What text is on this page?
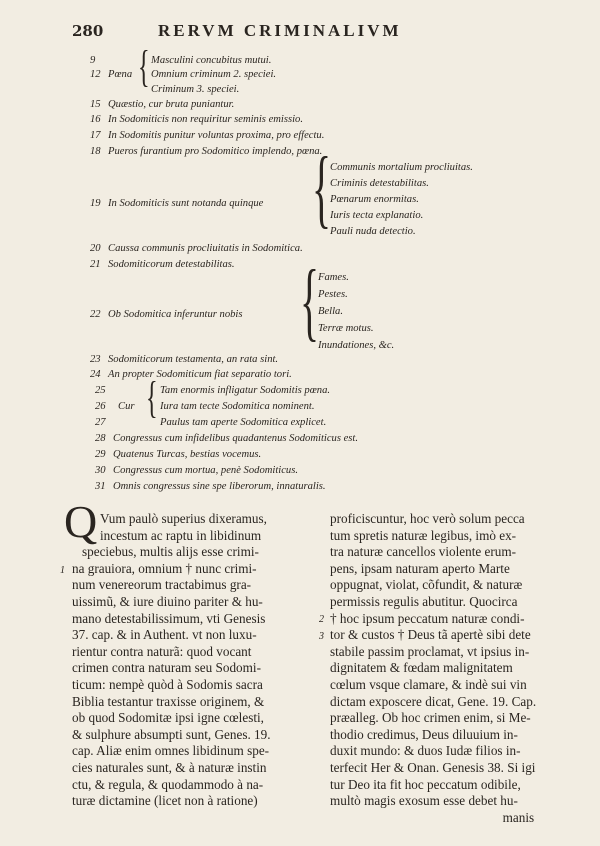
280	RERVM CRIMINALIVM
9	Masculini concubitus mutui.
12 Pœna { Omnium criminum 2. speciei.
Criminum 3. speciei.
15 Quæstio, cur bruta puniantur.
16 In Sodomiticis non requiritur seminis emissio.
17 In Sodomitis punitur voluntas proxima, pro effectu.
18 Pueros furantium pro Sodomitico implendo, pœna.
19 In Sodomiticis sunt notanda quinque {
Communis mortalium procliuitas.
Criminis detestabilitas.
Pœnarum enormitas.
Iuris tecta explanatio.
Pauli nuda detectio.
20 Caussa communis procliuitatis in Sodomitica.
21 Sodomiticorum detestabilitas.
22 Ob Sodomitica inferuntur nobis {
Fames.
Pestes.
Bella.
Terræ motus.
Inundationes, &c.
23 Sodomiticorum testamenta, an rata sint.
24 An propter Sodomiticum fiat separatio tori.
25	Tam enormis infligatur Sodomitis pœna.
26 Cur { Iura tam tecte Sodomitica nominent.
27	Paulus tam aperte Sodomitica explicet.
28 Congressus cum infidelibus quadantenus Sodomiticus est.
29 Quatenus Turcas, bestias vocemus.
30 Congressus cum mortua, penè Sodomiticus.
31 Omnis congressus sine spe liberorum, innaturalis.
Q Vum paulò superius dixeramus,
incestum ac raptu in libidinum
speciebus, multis alijs esse crimi-
na grauiora, omnium † nunc crimi-
num venereorum tractabimus gra-
uissimũ, & iure diuino pariter & hu-
mano detestabilissimum, vti Genesis
37. cap. & in Authent. vt non luxu-
rientur contra naturã: quod vocant
crimen contra naturam seu Sodomi-
ticum: nempè quòd à Sodomis sacra
Biblia testantur traxisse originem, &
ob quod Sodomitæ ipsi igne cœlesti,
& sulphure absumpti sunt, Genes. 19.
cap. Aliæ enim omnes libidinum spe-
cies naturales sunt, & à naturæ instin
ctu, & regula, & quodammodo à na-
turæ dictamine (licet non à ratione)
1
2
3
proficiscuntur, hoc verò solum pecca
tum spretis naturæ legibus, imò ex-
tra naturæ cancellos violente erum-
pens, ipsam naturam aperto Marte
oppugnat, violat, cõfundit, & naturæ
permissis regulis abutitur. Quocirca
† hoc ipsum peccatum naturæ condi-
tor & custos † Deus tã apertè sibi dete
stabile passim proclamat, vt ipsius in-
dignitatem & fœdam malignitatem
cœlum vsque clamare, & indè sui vin
dictam exposcere dicat, Gene. 19. Cap.
præalleg. Ob hoc crimen enim, si Me-
thodio credimus, Deus diluuium in-
duxit mundo: & duos Iudæ filios in-
terfecit Her & Onan. Genesis 38. Si igi
tur Deo ita fit hoc peccatum odibile,
multò magis exosum esse debet hu-
manis
